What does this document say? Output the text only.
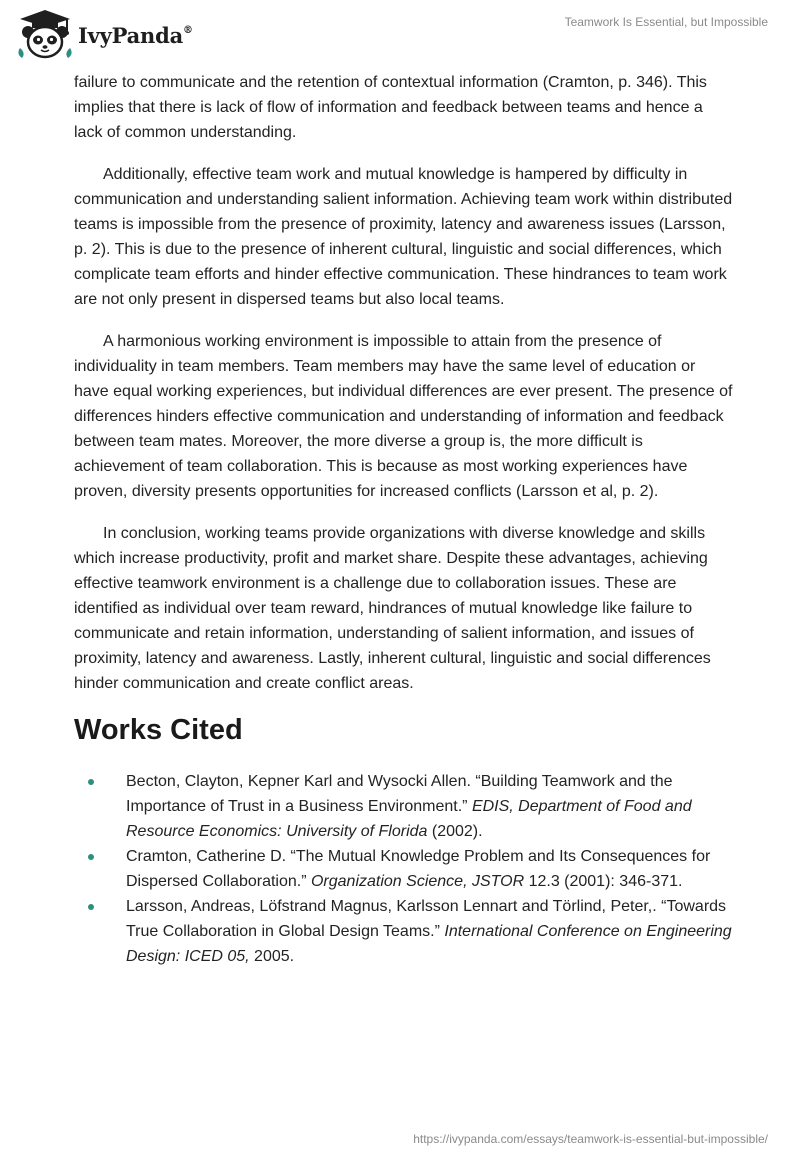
IvyPanda®
Teamwork Is Essential, but Impossible

failure to communicate and the retention of contextual information (Cramton, p. 346). This implies that there is lack of flow of information and feedback between teams and hence a lack of common understanding.

Additionally, effective team work and mutual knowledge is hampered by difficulty in communication and understanding salient information. Achieving team work within distributed teams is impossible from the presence of proximity, latency and awareness issues (Larsson, p. 2). This is due to the presence of inherent cultural, linguistic and social differences, which complicate team efforts and hinder effective communication. These hindrances to team work are not only present in dispersed teams but also local teams.

A harmonious working environment is impossible to attain from the presence of individuality in team members. Team members may have the same level of education or have equal working experiences, but individual differences are ever present. The presence of differences hinders effective communication and understanding of information and feedback between team mates. Moreover, the more diverse a group is, the more difficult is achievement of team collaboration. This is because as most working experiences have proven, diversity presents opportunities for increased conflicts (Larsson et al, p. 2).

In conclusion, working teams provide organizations with diverse knowledge and skills which increase productivity, profit and market share. Despite these advantages, achieving effective teamwork environment is a challenge due to collaboration issues. These are identified as individual over team reward, hindrances of mutual knowledge like failure to communicate and retain information, understanding of salient information, and issues of proximity, latency and awareness. Lastly, inherent cultural, linguistic and social differences hinder communication and create conflict areas.

Works Cited
Becton, Clayton, Kepner Karl and Wysocki Allen. “Building Teamwork and the Importance of Trust in a Business Environment.” EDIS, Department of Food and Resource Economics: University of Florida (2002).
Cramton, Catherine D. “The Mutual Knowledge Problem and Its Consequences for Dispersed Collaboration.” Organization Science, JSTOR 12.3 (2001): 346-371.
Larsson, Andreas, Löfstrand Magnus, Karlsson Lennart and Törlind, Peter,. “Towards True Collaboration in Global Design Teams.” International Conference on Engineering Design: ICED 05, 2005.
https://ivypanda.com/essays/teamwork-is-essential-but-impossible/
